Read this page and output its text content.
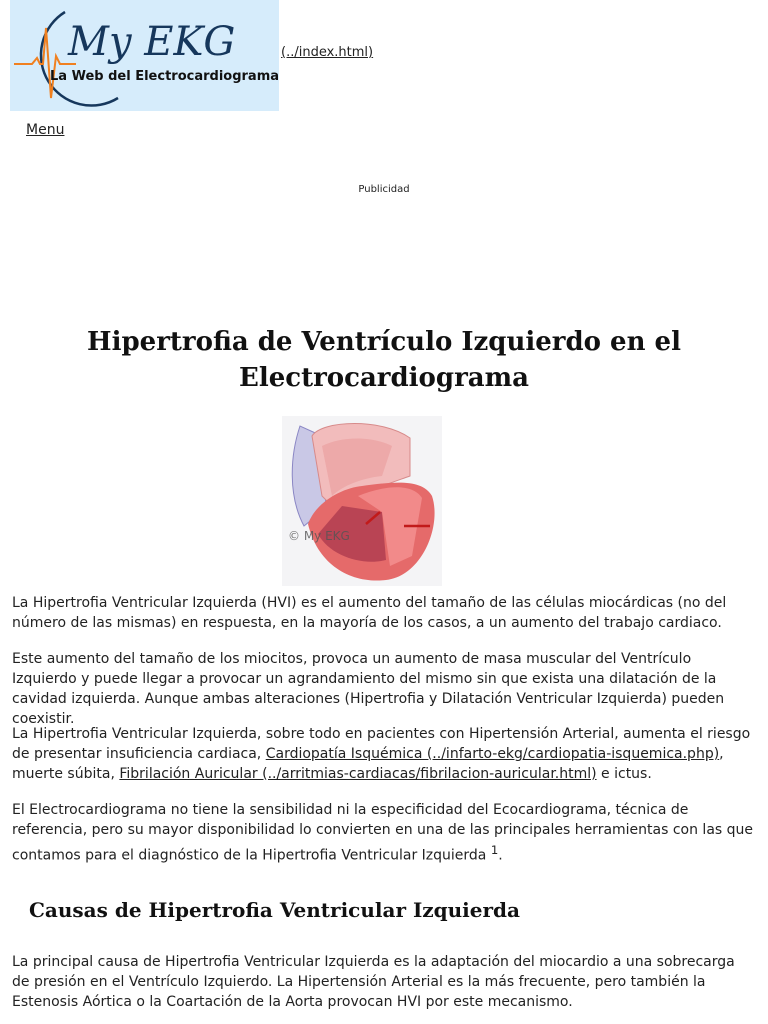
My EKG
La Web del Electrocardiograma
(../index.html)
Menu
Publicidad
Hipertrofia de Ventrículo Izquierdo en el Electrocardiograma
© My EKG

La Hipertrofia Ventricular Izquierda (HVI) es el aumento del tamaño de las células miocárdicas (no del número de las mismas) en respuesta, en la mayoría de los casos, a un aumento del trabajo cardiaco.

Este aumento del tamaño de los miocitos, provoca un aumento de masa muscular del Ventrículo Izquierdo y puede llegar a provocar un agrandamiento del mismo sin que exista una dilatación de la cavidad izquierda. Aunque ambas alteraciones (Hipertrofia y Dilatación Ventricular Izquierda) pueden coexistir.

La Hipertrofia Ventricular Izquierda, sobre todo en pacientes con Hipertensión Arterial, aumenta el riesgo de presentar insuficiencia cardiaca, Cardiopatía Isquémica (../infarto-ekg/cardiopatia-isquemica.php), muerte súbita, Fibrilación Auricular (../arritmias-cardiacas/fibrilacion-auricular.html) e ictus.

El Electrocardiograma no tiene la sensibilidad ni la especificidad del Ecocardiograma, técnica de referencia, pero su mayor disponibilidad lo convierten en una de las principales herramientas con las que contamos para el diagnóstico de la Hipertrofia Ventricular Izquierda $^1$.

Causas de Hipertrofia Ventricular Izquierda

La principal causa de Hipertrofia Ventricular Izquierda es la adaptación del miocardio a una sobrecarga de presión en el Ventrículo Izquierdo. La Hipertensión Arterial es la más frecuente, pero también la Estenosis Aórtica o la Coartación de la Aorta provocan HVI por este mecanismo.
